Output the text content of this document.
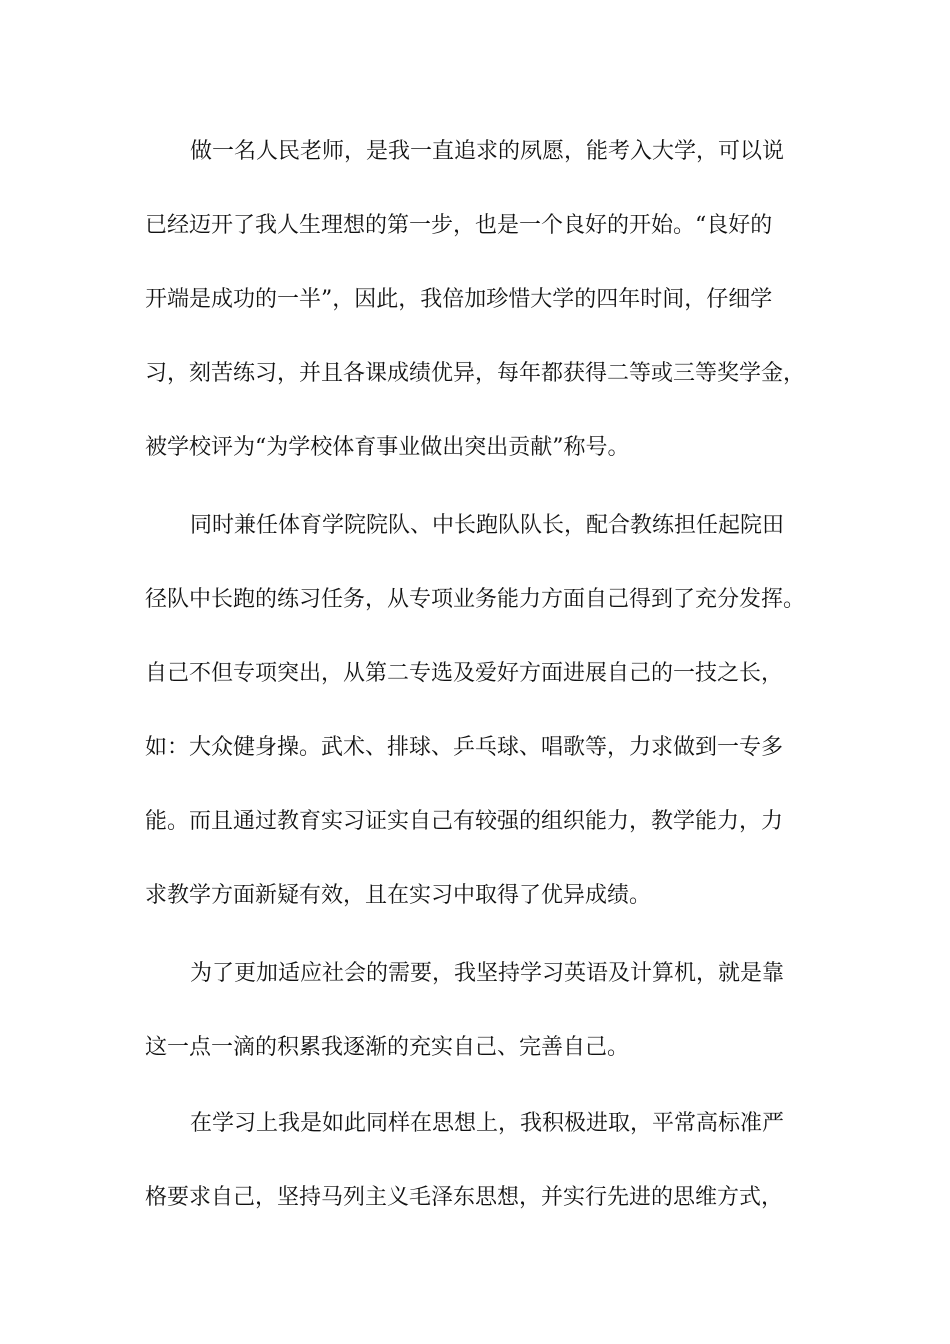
做一名人民老师，是我一直追求的夙愿，能考入大学，可以说
已经迈开了我人生理想的第一步，也是一个良好的开始。“良好的
开端是成功的一半”，因此，我倍加珍惜大学的四年时间，仔细学
习，刻苦练习，并且各课成绩优异，每年都获得二等或三等奖学金，
被学校评为“为学校体育事业做出突出贡献”称号。
同时兼任体育学院院队、中长跑队队长，配合教练担任起院田
径队中长跑的练习任务，从专项业务能力方面自己得到了充分发挥。
自己不但专项突出，从第二专选及爱好方面进展自己的一技之长，
如：大众健身操。武术、排球、乒乓球、唱歌等，力求做到一专多
能。而且通过教育实习证实自己有较强的组织能力，教学能力，力
求教学方面新疑有效，且在实习中取得了优异成绩。
为了更加适应社会的需要，我坚持学习英语及计算机，就是靠
这一点一滴的积累我逐渐的充实自己、完善自己。
在学习上我是如此同样在思想上，我积极进取，平常高标准严
格要求自己，坚持马列主义毛泽东思想，并实行先进的思维方式，
